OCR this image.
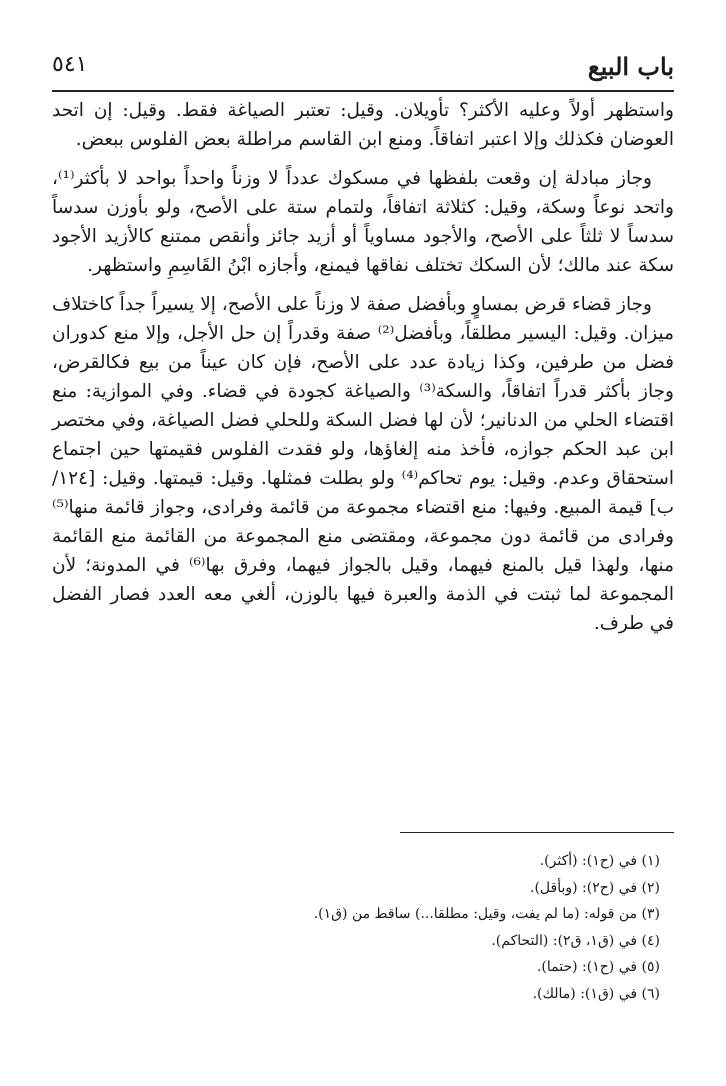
باب البيع
٥٤١

واستظهر أولاً وعليه الأكثر؟ تأويلان. وقيل: تعتبر الصياغة فقط. وقيل: إن اتحد العوضان فكذلك وإلا اعتبر اتفاقاً. ومنع ابن القاسم مراطلة بعض الفلوس ببعض.

وجاز مبادلة إن وقعت بلفظها في مسكوك عدداً لا وزناً واحداً بواحد لا بأكثر⁽¹⁾، واتحد نوعاً وسكة، وقيل: كثلاثة اتفاقاً، ولتمام ستة على الأصح، ولو بأوزن سدساً سدساً لا ثلثاً على الأصح، والأجود مساوياً أو أزيد جائز وأنقص ممتنع كالأزيد الأجود سكة عند مالك؛ لأن السكك تختلف نفاقها فيمنع، وأجازه ابْنُ القَاسِمِ واستظهر.

وجاز قضاء قرض بمساوٍ وبأفضل صفة لا وزناً على الأصح، إلا يسيراً جداً كاختلاف ميزان. وقيل: اليسير مطلقاً، وبأفضل⁽²⁾ صفة وقدراً إن حل الأجل، وإلا منع كدوران فضل من طرفين، وكذا زيادة عدد على الأصح، فإن كان عيناً من بيع فكالقرض، وجاز بأكثر قدراً اتفاقاً، والسكة⁽³⁾ والصياغة كجودة في قضاء. وفي الموازية: منع اقتضاء الحلي من الدنانير؛ لأن لها فضل السكة وللحلي فضل الصياغة، وفي مختصر ابن عبد الحكم جوازه، فأخذ منه إلغاؤها، ولو فقدت الفلوس فقيمتها حين اجتماع استحقاق وعدم. وقيل: يوم تحاكم⁽⁴⁾ ولو بطلت فمثلها. وقيل: قيمتها. وقيل: [١٢٤/ ب] قيمة المبيع. وفيها: منع اقتضاء مجموعة من قائمة وفرادى، وجواز قائمة منها⁽⁵⁾ وفرادى من قائمة دون مجموعة، ومقتضى منع المجموعة من القائمة منع القائمة منها، ولهذا قيل بالمنع فيهما، وقيل بالجواز فيهما، وفرق بها⁽⁶⁾ في المدونة؛ لأن المجموعة لما ثبتت في الذمة والعبرة فيها بالوزن، ألغي معه العدد فصار الفضل في طرف.

(١) في (ح١): (أكثر).
(٢) في (ح٢): (وبأقل).
(٣) من قوله: (ما لم يفت، وقيل: مطلقا...) ساقط من (ق١).
(٤) في (ق١، ق٢): (التحاكم).
(٥) في (ح١): (حتما).
(٦) في (ق١): (مالك).
